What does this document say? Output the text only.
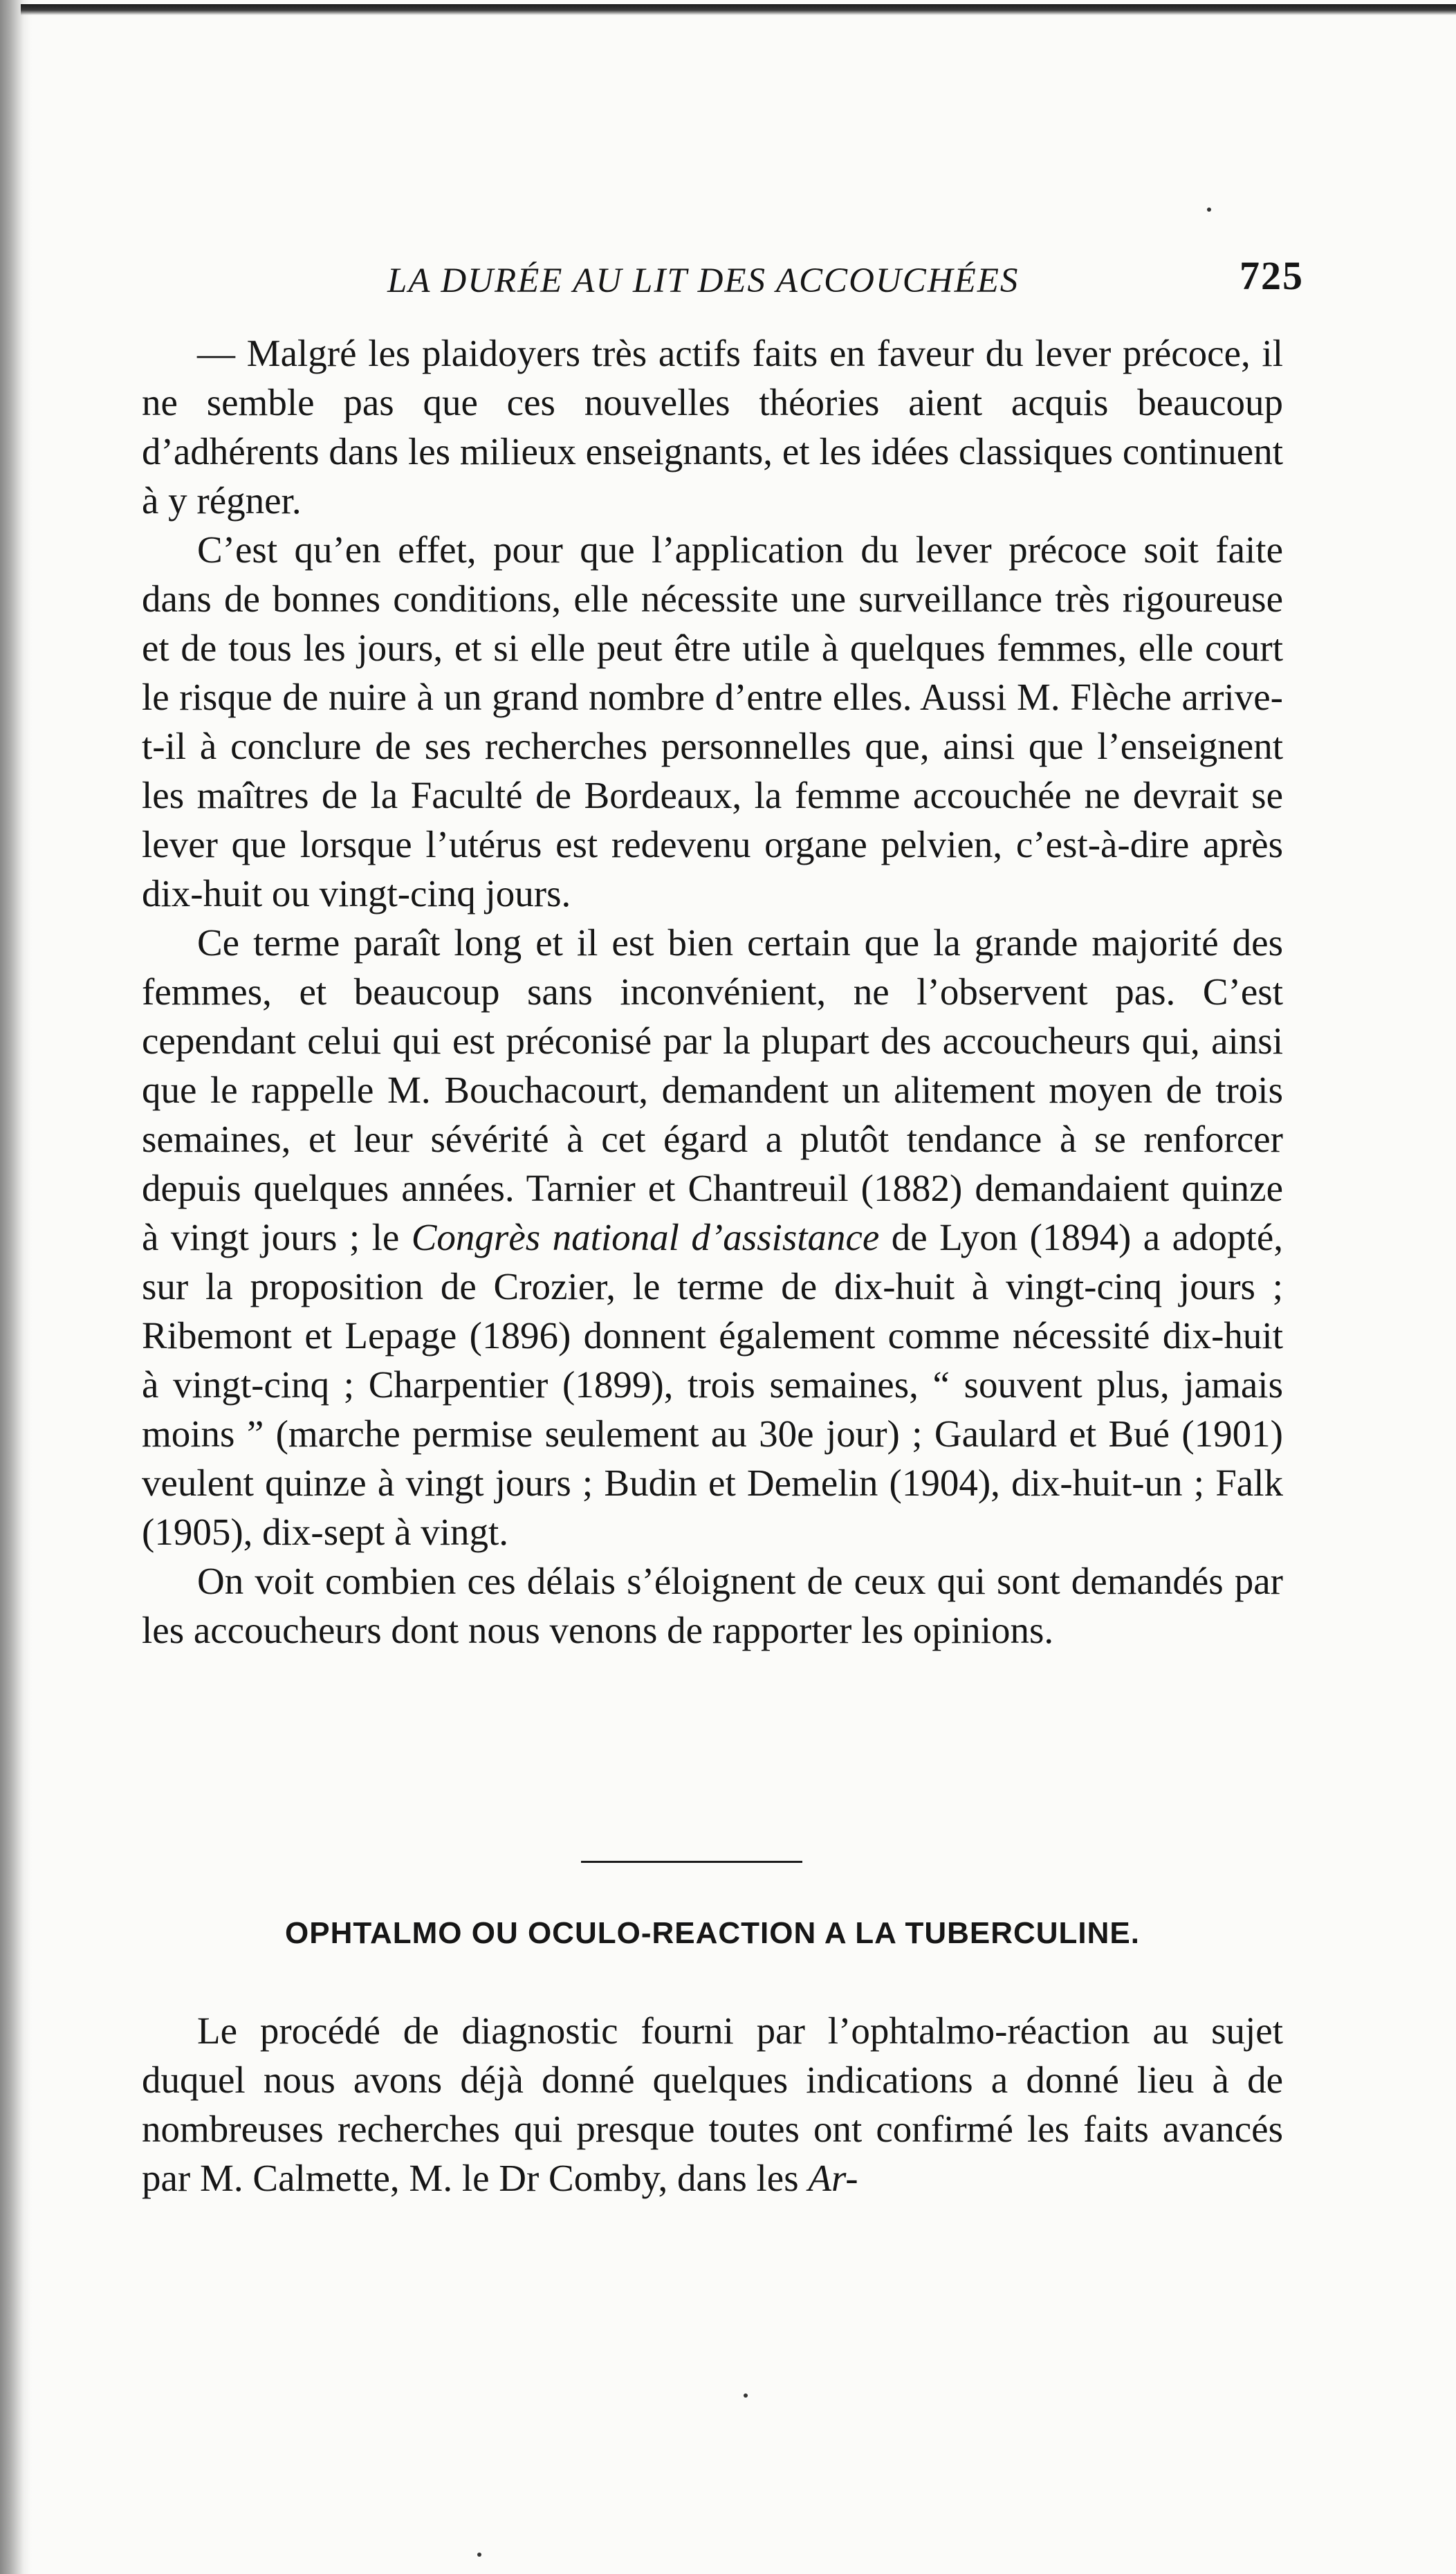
LA DURÉE AU LIT DES ACCOUCHÉES	725

— Malgré les plaidoyers très actifs faits en faveur du lever précoce, il ne semble pas que ces nouvelles théories aient acquis beaucoup d’adhérents dans les milieux enseignants, et les idées classiques continuent à y régner.

C’est qu’en effet, pour que l’application du lever précoce soit faite dans de bonnes conditions, elle nécessite une surveillance très rigoureuse et de tous les jours, et si elle peut être utile à quelques femmes, elle court le risque de nuire à un grand nombre d’entre elles. Aussi M. Flèche arrive-t-il à conclure de ses recherches personnelles que, ainsi que l’enseignent les maîtres de la Faculté de Bordeaux, la femme accouchée ne devrait se lever que lorsque l’utérus est redevenu organe pelvien, c’est-à-dire après dix-huit ou vingt-cinq jours.

Ce terme paraît long et il est bien certain que la grande majorité des femmes, et beaucoup sans inconvénient, ne l’observent pas. C’est cependant celui qui est préconisé par la plupart des accoucheurs qui, ainsi que le rappelle M. Bouchacourt, demandent un alitement moyen de trois semaines, et leur sévérité à cet égard a plutôt tendance à se renforcer depuis quelques années. Tarnier et Chantreuil (1882) demandaient quinze à vingt jours ; le Congrès national d’assistance de Lyon (1894) a adopté, sur la proposition de Crozier, le terme de dix-huit à vingt-cinq jours ; Ribemont et Lepage (1896) donnent également comme nécessité dix-huit à vingt-cinq ; Charpentier (1899), trois semaines, “ souvent plus, jamais moins ” (marche permise seulement au 30e jour) ; Gaulard et Bué (1901) veulent quinze à vingt jours ; Budin et Demelin (1904), dix-huit-un ; Falk (1905), dix-sept à vingt.

On voit combien ces délais s’éloignent de ceux qui sont demandés par les accoucheurs dont nous venons de rapporter les opinions.

OPHTALMO OU OCULO-REACTION A LA TUBERCULINE.

Le procédé de diagnostic fourni par l’ophtalmo-réaction au sujet duquel nous avons déjà donné quelques indications a donné lieu à de nombreuses recherches qui presque toutes ont confirmé les faits avancés par M. Calmette, M. le Dr Comby, dans les Ar-
